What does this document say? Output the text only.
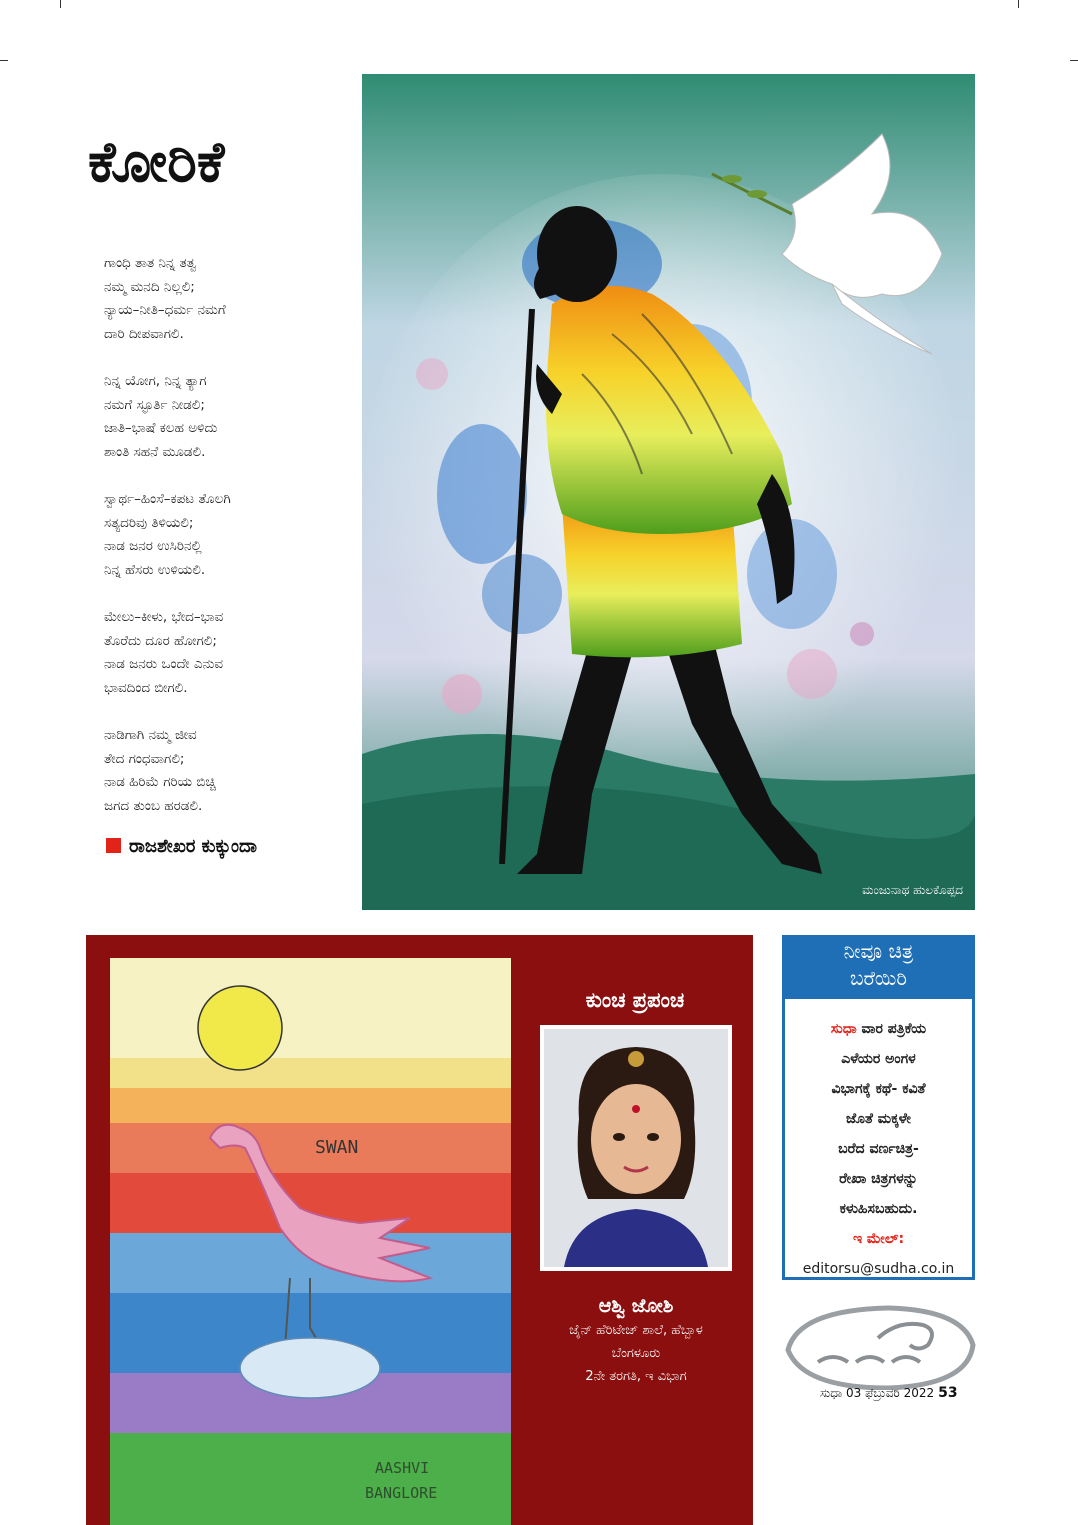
ಕೋರಿಕೆ
ಗಾಂಧಿ ತಾತ ನಿನ್ನ ತತ್ವ
ನಮ್ಮ ಮನದಿ ನಿಲ್ಲಲಿ;
ನ್ಯಾಯ–ನೀತಿ–ಧರ್ಮ ನಮಗೆ
ದಾರಿ ದೀಪವಾಗಲಿ.
ನಿನ್ನ ಯೋಗ, ನಿನ್ನ ತ್ಯಾಗ
ನಮಗೆ ಸ್ಫೂರ್ತಿ ನೀಡಲಿ;
ಜಾತಿ–ಭಾಷೆ ಕಲಹ ಅಳಿದು
ಶಾಂತಿ ಸಹನೆ ಮೂಡಲಿ.
ಸ್ವಾರ್ಥ–ಹಿಂಸೆ–ಕಪಟ ತೊಲಗಿ
ಸತ್ಯದರಿವು ತಿಳಿಯಲಿ;
ನಾಡ ಜನರ ಉಸಿರಿನಲ್ಲಿ
ನಿನ್ನ ಹೆಸರು ಉಳಿಯಲಿ.
ಮೇಲು–ಕೀಳು, ಭೇದ–ಭಾವ
ತೊರೆದು ದೂರ ಹೋಗಲಿ;
ನಾಡ ಜನರು ಒಂದೇ ಎನುವ
ಭಾವದಿಂದ ಬೀಗಲಿ.
ನಾಡಿಗಾಗಿ ನಮ್ಮ ಜೀವ
ತೇದ ಗಂಧವಾಗಲಿ;
ನಾಡ ಹಿರಿಮೆ ಗರಿಯ ಬಿಚ್ಚಿ
ಜಗದ ತುಂಬ ಹರಡಲಿ.
ರಾಜಶೇಖರ ಕುಕ್ಕುಂದಾ
ಮಂಜುನಾಥ ಹುಲಕೊಪ್ಪದ
SWAN
AASHVI
BANGLORE
ಕುಂಚ ಪ್ರಪಂಚ
ಆಶ್ವಿ ಜೋಶಿ
ಜೈನ್ ಹೆರಿಟೇಜ್ ಶಾಲೆ, ಹೆಬ್ಬಾಳ
ಬೆಂಗಳೂರು
2ನೇ ತರಗತಿ, ಇ ವಿಭಾಗ
ನೀವೂ ಚಿತ್ರ
ಬರೆಯಿರಿ
ಸುಧಾ ವಾರ ಪತ್ರಿಕೆಯ
ಎಳೆಯರ ಅಂಗಳ
ವಿಭಾಗಕ್ಕೆ ಕಥೆ- ಕವಿತೆ
ಜೊತೆ ಮಕ್ಕಳೇ
ಬರೆದ ವರ್ಣಚಿತ್ರ-
ರೇಖಾ ಚಿತ್ರಗಳನ್ನು
ಕಳುಹಿಸಬಹುದು.
ಇ ಮೇಲ್:
editorsu@sudha.co.in
ಸುಧಾ 03 ಫೆಬ್ರುವರಿ 2022 53
